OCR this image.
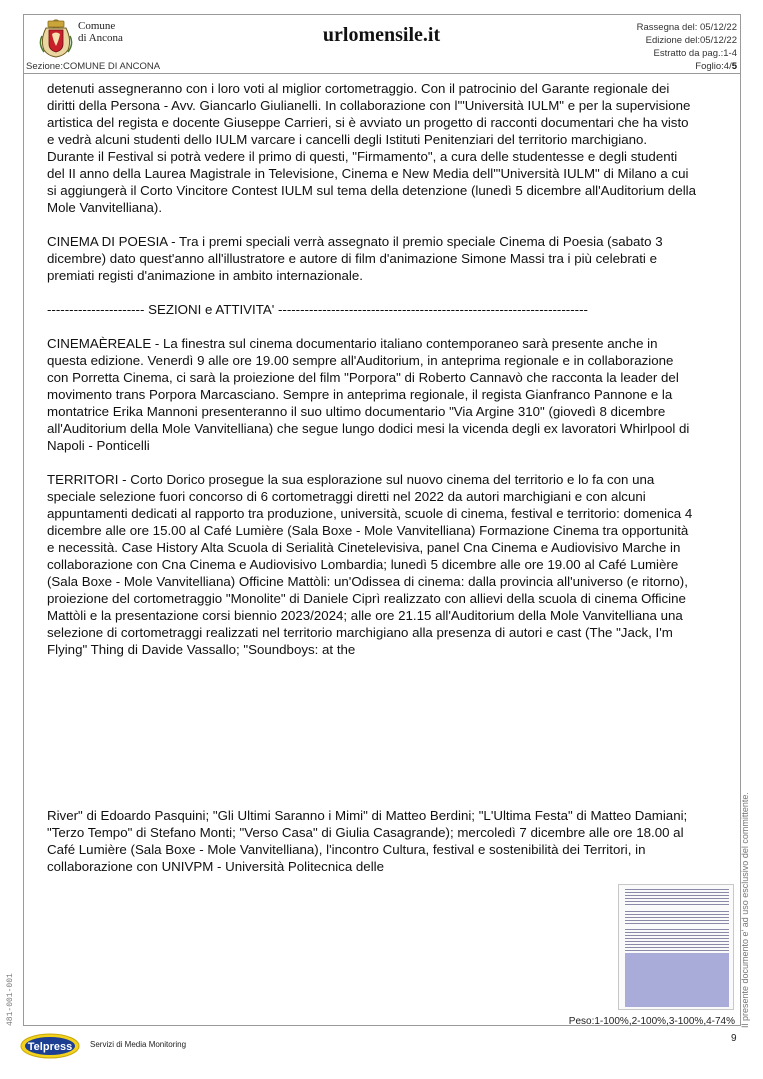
Comune
di Ancona	urlomensile.it	Rassegna del: 05/12/22
Edizione del:05/12/22
Estratto da pag.:1-4
Foglio:4/5
Sezione:COMUNE DI ANCONA

detenuti assegneranno con i loro voti al miglior cortometraggio. Con il patrocinio del Garante regionale dei diritti della Persona - Avv. Giancarlo Giulianelli. In collaborazione con l'"Università IULM" e per la supervisione artistica del regista e docente Giuseppe Carrieri, si è avviato un progetto di racconti documentari che ha visto e vedrà alcuni studenti dello IULM varcare i cancelli degli Istituti Penitenziari del territorio marchigiano. Durante il Festival si potrà vedere il primo di questi, "Firmamento", a cura delle studentesse e degli studenti del II anno della Laurea Magistrale in Televisione, Cinema e New Media dell'"Università IULM" di Milano a cui si aggiungerà il Corto Vincitore Contest IULM sul tema della detenzione (lunedì 5 dicembre all'Auditorium della Mole Vanvitelliana).

CINEMA DI POESIA - Tra i premi speciali verrà assegnato il premio speciale Cinema di Poesia (sabato 3 dicembre) dato quest'anno all'illustratore e autore di film d'animazione Simone Massi tra i più celebrati e premiati registi d'animazione in ambito internazionale.

---------------------- SEZIONI e ATTIVITA' ----------------------------------------------------------------------

CINEMAÈREALE - La finestra sul cinema documentario italiano contemporaneo sarà presente anche in questa edizione. Venerdì 9 alle ore 19.00 sempre all'Auditorium, in anteprima regionale e in collaborazione con Porretta Cinema, ci sarà la proiezione del film "Porpora" di Roberto Cannavò che racconta la leader del movimento trans Porpora Marcasciano. Sempre in anteprima regionale, il regista Gianfranco Pannone e la montatrice Erika Mannoni presenteranno il suo ultimo documentario "Via Argine 310" (giovedì 8 dicembre all'Auditorium della Mole Vanvitelliana) che segue lungo dodici mesi la vicenda degli ex lavoratori Whirlpool di Napoli - Ponticelli

TERRITORI - Corto Dorico prosegue la sua esplorazione sul nuovo cinema del territorio e lo fa con una speciale selezione fuori concorso di 6 cortometraggi diretti nel 2022 da autori marchigiani e con alcuni appuntamenti dedicati al rapporto tra produzione, università, scuole di cinema, festival e territorio: domenica 4 dicembre alle ore 15.00 al Café Lumière (Sala Boxe - Mole Vanvitelliana) Formazione Cinema tra opportunità e necessità. Case History Alta Scuola di Serialità Cinetelevisiva, panel Cna Cinema e Audiovisivo Marche in collaborazione con Cna Cinema e Audiovisivo Lombardia; lunedì 5 dicembre alle ore 19.00 al Café Lumière (Sala Boxe - Mole Vanvitelliana) Officine Mattòli: un'Odissea di cinema: dalla provincia all'universo (e ritorno), proiezione del cortometraggio "Monolite" di Daniele Ciprì realizzato con allievi della scuola di cinema Officine Mattòli e la presentazione corsi biennio 2023/2024; alle ore 21.15 all'Auditorium della Mole Vanvitelliana una selezione di cortometraggi realizzati nel territorio marchigiano alla presenza di autori e cast (The "Jack, I'm Flying" Thing di Davide Vassallo; "Soundboys: at the

River" di Edoardo Pasquini; "Gli Ultimi Saranno i Mimi" di Matteo Berdini; "L'Ultima Festa" di Matteo Damiani; "Terzo Tempo" di Stefano Monti; "Verso Casa" di Giulia Casagrande); mercoledì 7 dicembre alle ore 18.00 al Café Lumière (Sala Boxe - Mole Vanvitelliana), l'incontro Cultura, festival e sostenibilità dei Territori, in collaborazione con UNIVPM - Università Politecnica delle

Peso:1-100%,2-100%,3-100%,4-74%
9
Il presente documento e' ad uso esclusivo del committente.
481-001-001
Telpress Servizi di Media Monitoring
